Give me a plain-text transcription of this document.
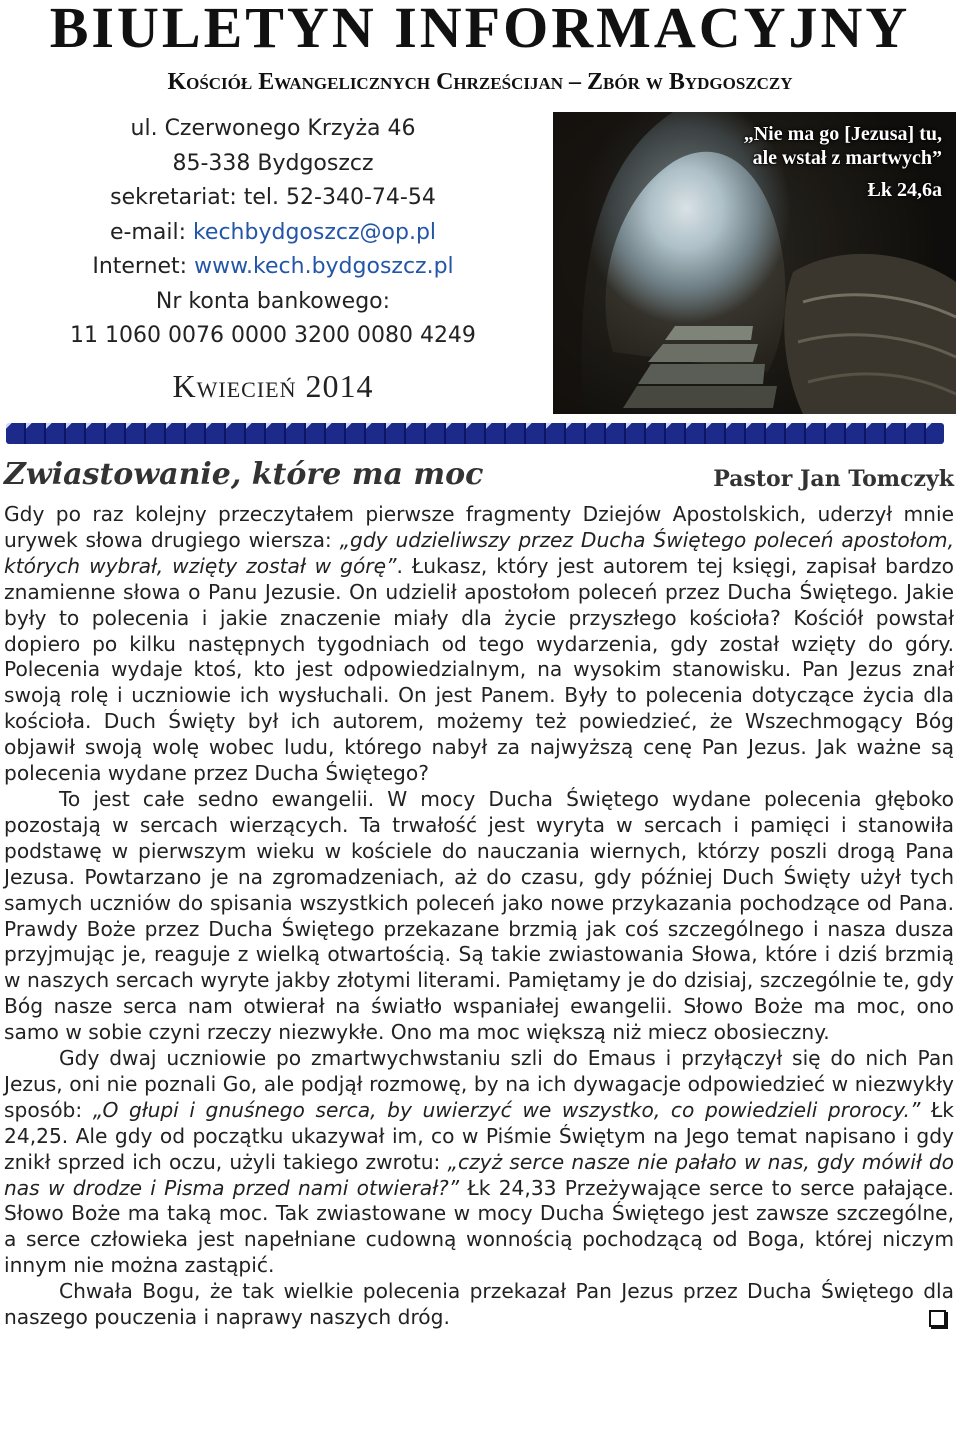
BIULETYN INFORMACYJNY
Kościół Ewangelicznych Chrześcijan – Zbór w Bydgoszczy
ul. Czerwonego Krzyża 46
85-338 Bydgoszcz
sekretariat: tel. 52-340-74-54
e-mail: kechbydgoszcz@op.pl
Internet: www.kech.bydgoszcz.pl
Nr konta bankowego:
11 1060 0076 0000 3200 0080 4249
Kwiecień 2014
„Nie ma go [Jezusa] tu,
ale wstał z martwych”
Łk 24,6a
Zwiastowanie, które ma moc	Pastor Jan Tomczyk

Gdy po raz kolejny przeczytałem pierwsze fragmenty Dziejów Apostolskich, uderzył mnie urywek słowa drugiego wiersza: „gdy udzieliwszy przez Ducha Świętego poleceń apostołom, których wybrał, wzięty został w górę”. Łukasz, który jest autorem tej księgi, zapisał bardzo znamienne słowa o Panu Jezusie. On udzielił apostołom poleceń przez Ducha Świętego. Jakie były to polecenia i jakie znaczenie miały dla życie przyszłego kościoła? Kościół powstał dopiero po kilku następnych tygodniach od tego wydarzenia, gdy został wzięty do góry. Polecenia wydaje ktoś, kto jest odpowiedzialnym, na wysokim stanowisku. Pan Jezus znał swoją rolę i uczniowie ich wysłuchali. On jest Panem. Były to polecenia dotyczące życia dla kościoła. Duch Święty był ich autorem, możemy też powiedzieć, że Wszechmogący Bóg objawił swoją wolę wobec ludu, którego nabył za najwyższą cenę Pan Jezus. Jak ważne są polecenia wydane przez Ducha Świętego?

To jest całe sedno ewangelii. W mocy Ducha Świętego wydane polecenia głęboko pozostają w sercach wierzących. Ta trwałość jest wyryta w sercach i pamięci i stanowiła podstawę w pierwszym wieku w kościele do nauczania wiernych, którzy poszli drogą Pana Jezusa. Powtarzano je na zgromadzeniach, aż do czasu, gdy później Duch Święty użył tych samych uczniów do spisania wszystkich poleceń jako nowe przykazania pochodzące od Pana. Prawdy Boże przez Ducha Świętego przekazane brzmią jak coś szczególnego i nasza dusza przyjmując je, reaguje z wielką otwartością. Są takie zwiastowania Słowa, które i dziś brzmią w naszych sercach wyryte jakby złotymi literami. Pamiętamy je do dzisiaj, szczególnie te, gdy Bóg nasze serca nam otwierał na światło wspaniałej ewangelii. Słowo Boże ma moc, ono samo w sobie czyni rzeczy niezwykłe. Ono ma moc większą niż miecz obosieczny.

Gdy dwaj uczniowie po zmartwychwstaniu szli do Emaus i przyłączył się do nich Pan Jezus, oni nie poznali Go, ale podjął rozmowę, by na ich dywagacje odpowiedzieć w niezwykły sposób: „O głupi i gnuśnego serca, by uwierzyć we wszystko, co powiedzieli prorocy.” Łk 24,25. Ale gdy od początku ukazywał im, co w Piśmie Świętym na Jego temat napisano i gdy znikł sprzed ich oczu, użyli takiego zwrotu: „czyż serce nasze nie pałało w nas, gdy mówił do nas w drodze i Pisma przed nami otwierał?” Łk 24,33 Przeżywające serce to serce pałające. Słowo Boże ma taką moc. Tak zwiastowane w mocy Ducha Świętego jest zawsze szczególne, a serce człowieka jest napełniane cudowną wonnością pochodzącą od Boga, której niczym innym nie można zastąpić.

Chwała Bogu, że tak wielkie polecenia przekazał Pan Jezus przez Ducha Świętego dla naszego pouczenia i naprawy naszych dróg.
